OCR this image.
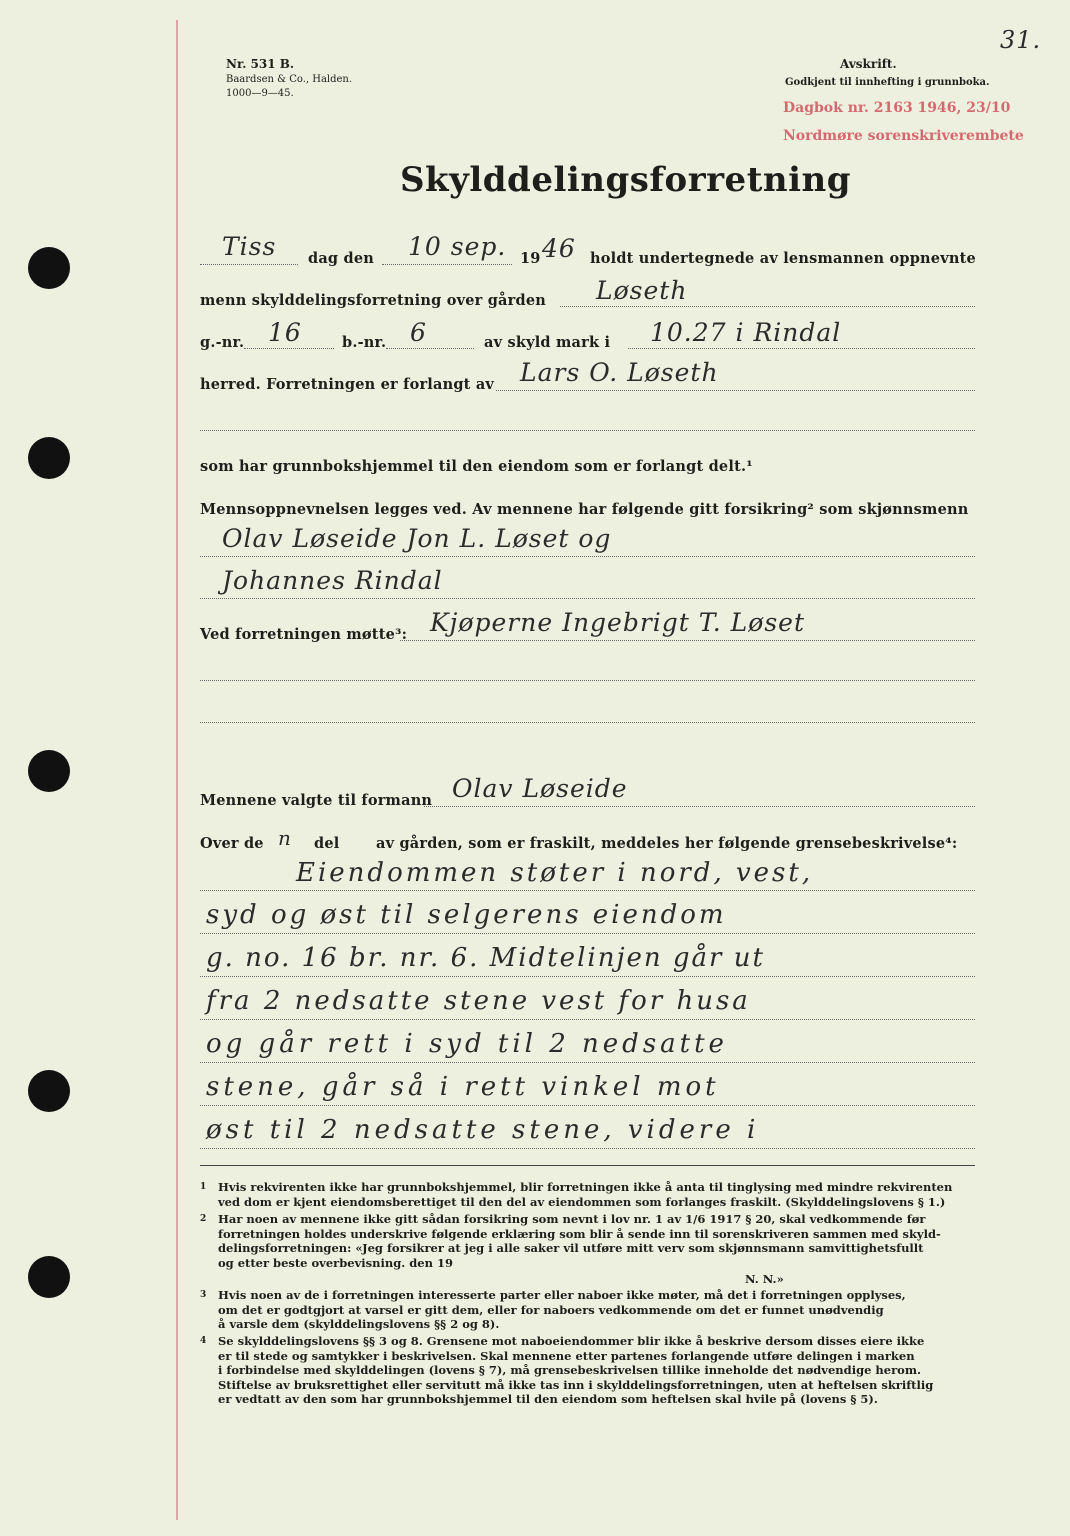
Nr. 531 B.
Baardsen & Co., Halden.
1000—9—45.
Avskrift.
Godkjent til innhefting i grunnboka.
31.
Dagbok nr. 2163 1946, 23/10
Nordmøre sorenskriverembete
Skylddelingsforretning
Tiss dag den 10 sep. 19 46 holdt undertegnede av lensmannen oppnevnte
menn skylddelingsforretning over gården Løseth
g.-nr. 16	b.-nr. 6	av skyld mark i 10.27 i Rindal
herred. Forretningen er forlangt av Lars O. Løseth
som har grunnbokshjemmel til den eiendom som er forlangt delt.¹
Mennsoppnevnelsen legges ved. Av mennene har følgende gitt forsikring² som skjønnsmenn
Olav Løseide Jon L. Løset og
Johannes Rindal
Ved forretningen møtte³: Kjøperne Ingebrigt T. Løset
Mennene valgte til formann Olav Løseide
Over de n del	av gården, som er fraskilt, meddeles her følgende grensebeskrivelse⁴:
Eiendommen støter i nord, vest,
syd og øst til selgerens eiendom
g. no. 16 br. nr. 6. Midtelinjen går ut
fra 2 nedsatte stene vest for husa
og går rett i syd til 2 nedsatte
stene, går så i rett vinkel mot
øst til 2 nedsatte stene, videre i
1 Hvis rekvirenten ikke har grunnbokshjemmel, blir forretningen ikke å anta til tinglysing med mindre rekvirenten
ved dom er kjent eiendomsberettiget til den del av eiendommen som forlanges fraskilt. (Skylddelingslovens § 1.)
2 Har noen av mennene ikke gitt sådan forsikring som nevnt i lov nr. 1 av 1/6 1917 § 20, skal vedkommende før
forretningen holdes underskrive følgende erklæring som blir å sende inn til sorenskriveren sammen med skyld-
delingsforretningen: «Jeg forsikrer at jeg i alle saker vil utføre mitt verv som skjønnsmann samvittighetsfullt
og etter beste overbevisning. den 19
N. N.»
3 Hvis noen av de i forretningen interesserte parter eller naboer ikke møter, må det i forretningen opplyses,
om det er godtgjort at varsel er gitt dem, eller for naboers vedkommende om det er funnet unødvendig
å varsle dem (skylddelingslovens §§ 2 og 8).
4 Se skylddelingslovens §§ 3 og 8. Grensene mot naboeiendommer blir ikke å beskrive dersom disses eiere ikke
er til stede og samtykker i beskrivelsen. Skal mennene etter partenes forlangende utføre delingen i marken
i forbindelse med skylddelingen (lovens § 7), må grensebeskrivelsen tillike inneholde det nødvendige herom.
Stiftelse av bruksrettighet eller servitutt må ikke tas inn i skylddelingsforretningen, uten at heftelsen skriftlig
er vedtatt av den som har grunnbokshjemmel til den eiendom som heftelsen skal hvile på (lovens § 5).
